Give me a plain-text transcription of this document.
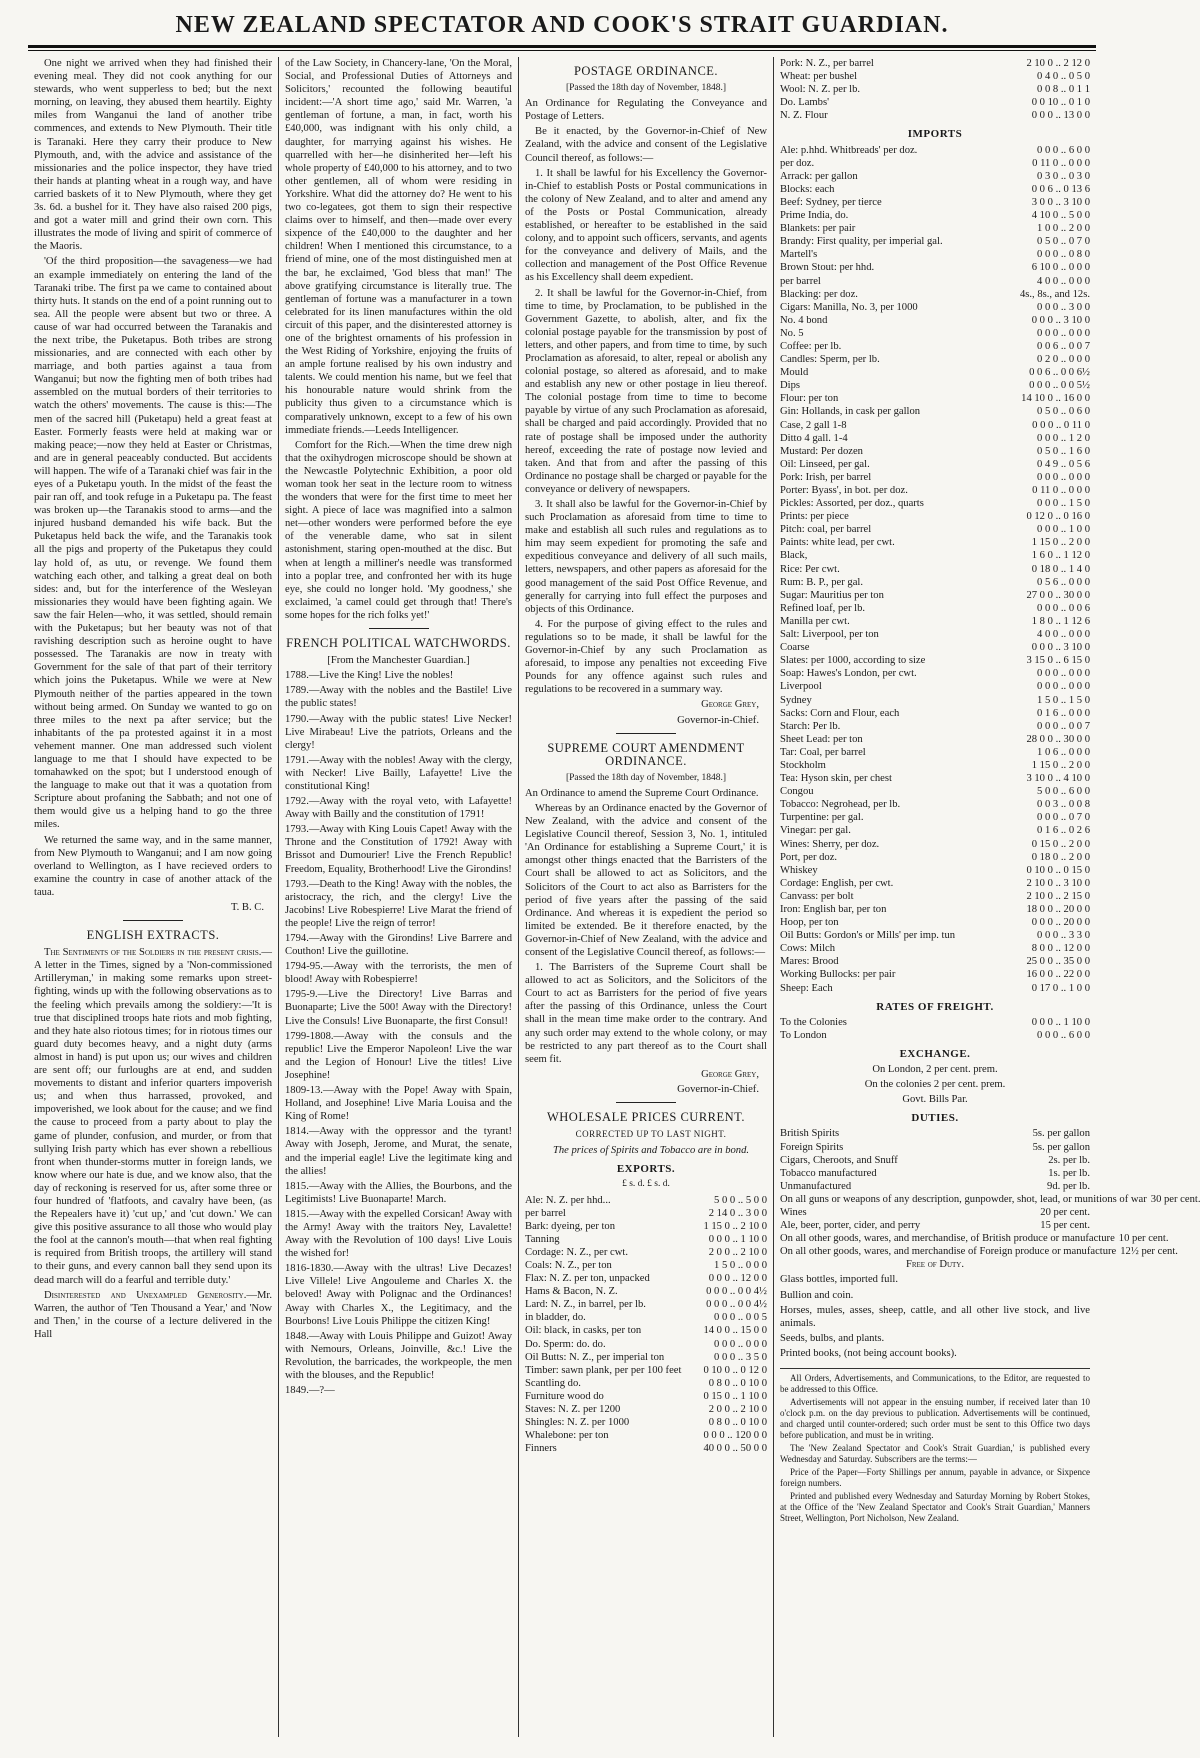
NEW ZEALAND SPECTATOR AND COOK'S STRAIT GUARDIAN.

One night we arrived when they had finished their evening meal. They did not cook anything for our stewards, who went supperless to bed; but the next morning, on leaving, they abused them heartily. Eighty miles from Wanganui the land of another tribe commences, and extends to New Plymouth. Their title is Taranaki. Here they carry their produce to New Plymouth, and, with the advice and assistance of the missionaries and the police inspector, they have tried their hands at planting wheat in a rough way, and have carried baskets of it to New Plymouth, where they get 3s. 6d. a bushel for it. They have also raised 200 pigs, and got a water mill and grind their own corn. This illustrates the mode of living and spirit of commerce of the Maoris.

'Of the third proposition—the savageness—we had an example immediately on entering the land of the Taranaki tribe. The first pa we came to contained about thirty huts. It stands on the end of a point running out to sea. All the people were absent but two or three. A cause of war had occurred between the Taranakis and the next tribe, the Puketapus. Both tribes are strong missionaries, and are connected with each other by marriage, and both parties against a taua from Wanganui; but now the fighting men of both tribes had assembled on the mutual borders of their territories to watch the others' movements. The cause is this:—The men of the sacred hill (Puketapu) held a great feast at Easter. Formerly feasts were held at making war or making peace;—now they held at Easter or Christmas, and are in general peaceably conducted. But accidents will happen. The wife of a Taranaki chief was fair in the eyes of a Puketapu youth. In the midst of the feast the pair ran off, and took refuge in a Puketapu pa. The feast was broken up—the Taranakis stood to arms—and the injured husband demanded his wife back. But the Puketapus held back the wife, and the Taranakis took all the pigs and property of the Puketapus they could lay hold of, as utu, or revenge. We found them watching each other, and talking a great deal on both sides: and, but for the interference of the Wesleyan missionaries they would have been fighting again. We saw the fair Helen—who, it was settled, should remain with the Puketapus; but her beauty was not of that ravishing description such as heroine ought to have possessed. The Taranakis are now in treaty with Government for the sale of that part of their territory which joins the Puketapus. While we were at New Plymouth neither of the parties appeared in the town without being armed. On Sunday we wanted to go on three miles to the next pa after service; but the inhabitants of the pa protested against it in a most vehement manner. One man addressed such violent language to me that I should have expected to be tomahawked on the spot; but I understood enough of the language to make out that it was a quotation from Scripture about profaning the Sabbath; and not one of them would give us a helping hand to go the three miles.

We returned the same way, and in the same manner, from New Plymouth to Wanganui; and I am now going overland to Wellington, as I have recieved orders to examine the country in case of another attack of the taua.

T. B. C.

ENGLISH EXTRACTS.

The Sentiments of the Soldiers in the present crisis.—A letter in the Times, signed by a 'Non-commissioned Artilleryman,' in making some remarks upon street-fighting, winds up with the following observations as to the feeling which prevails among the soldiery:—'It is true that disciplined troops hate riots and mob fighting, and they hate also riotous times; for in riotous times our guard duty becomes heavy, and a night duty (arms almost in hand) is put upon us; our wives and children are sent off; our furloughs are at end, and sudden movements to distant and inferior quarters impoverish us; and when thus harrassed, provoked, and impoverished, we look about for the cause; and we find the cause to proceed from a party about to play the game of plunder, confusion, and murder, or from that sullying Irish party which has ever shown a rebellious front when thunder-storms mutter in foreign lands, we know where our hate is due, and we know also, that the day of reckoning is reserved for us, after some three or four hundred of 'flatfoots, and cavalry have been, (as the Repealers have it) 'cut up,' and 'cut down.' We can give this positive assurance to all those who would play the fool at the cannon's mouth—that when real fighting is required from British troops, the artillery will stand to their guns, and every cannon ball they send upon its dead march will do a fearful and terrible duty.'

Disinterested and Unexampled Generosity.—Mr. Warren, the author of 'Ten Thousand a Year,' and 'Now and Then,' in the course of a lecture delivered in the Hall

of the Law Society, in Chancery-lane, 'On the Moral, Social, and Professional Duties of Attorneys and Solicitors,' recounted the following beautiful incident:—'A short time ago,' said Mr. Warren, 'a gentleman of fortune, a man, in fact, worth his £40,000, was indignant with his only child, a daughter, for marrying against his wishes. He quarrelled with her—he disinherited her—left his whole property of £40,000 to his attorney, and to two other gentlemen, all of whom were residing in Yorkshire. What did the attorney do? He went to his two co-legatees, got them to sign their respective claims over to himself, and then—made over every sixpence of the £40,000 to the daughter and her children! When I mentioned this circumstance, to a friend of mine, one of the most distinguished men at the bar, he exclaimed, 'God bless that man!' The above gratifying circumstance is literally true. The gentleman of fortune was a manufacturer in a town celebrated for its linen manufactures within the old circuit of this paper, and the disinterested attorney is one of the brightest ornaments of his profession in the West Riding of Yorkshire, enjoying the fruits of an ample fortune realised by his own industry and talents. We could mention his name, but we feel that his honourable nature would shrink from the publicity thus given to a circumstance which is comparatively unknown, except to a few of his own immediate friends.—Leeds Intelligencer.

Comfort for the Rich.—When the time drew nigh that the oxihydrogen microscope should be shown at the Newcastle Polytechnic Exhibition, a poor old woman took her seat in the lecture room to witness the wonders that were for the first time to meet her sight. A piece of lace was magnified into a salmon net—other wonders were performed before the eye of the venerable dame, who sat in silent astonishment, staring open-mouthed at the disc. But when at length a milliner's needle was transformed into a poplar tree, and confronted her with its huge eye, she could no longer hold. 'My goodness,' she exclaimed, 'a camel could get through that! There's some hopes for the rich folks yet!'

FRENCH POLITICAL WATCHWORDS.

[From the Manchester Guardian.]

1788.—Live the King! Live the nobles!

1789.—Away with the nobles and the Bastile! Live the public states!

1790.—Away with the public states! Live Necker! Live Mirabeau! Live the patriots, Orleans and the clergy!

1791.—Away with the nobles! Away with the clergy, with Necker! Live Bailly, Lafayette! Live the constitutional King!

1792.—Away with the royal veto, with Lafayette! Away with Bailly and the constitution of 1791!

1793.—Away with King Louis Capet! Away with the Throne and the Constitution of 1792! Away with Brissot and Dumourier! Live the French Republic! Freedom, Equality, Brotherhood! Live the Girondins!

1793.—Death to the King! Away with the nobles, the aristocracy, the rich, and the clergy! Live the Jacobins! Live Robespierre! Live Marat the friend of the people! Live the reign of terror!

1794.—Away with the Girondins! Live Barrere and Couthon! Live the guillotine.

1794-95.—Away with the terrorists, the men of blood! Away with Robespierre!

1795-9.—Live the Directory! Live Barras and Buonaparte; Live the 500! Away with the Directory! Live the Consuls! Live Buonaparte, the first Consul!

1799-1808.—Away with the consuls and the republic! Live the Emperor Napoleon! Live the war and the Legion of Honour! Live the titles! Live Josephine!

1809-13.—Away with the Pope! Away with Spain, Holland, and Josephine! Live Maria Louisa and the King of Rome!

1814.—Away with the oppressor and the tyrant! Away with Joseph, Jerome, and Murat, the senate, and the imperial eagle! Live the legitimate king and the allies!

1815.—Away with the Allies, the Bourbons, and the Legitimists! Live Buonaparte! March.

1815.—Away with the expelled Corsican! Away with the Army! Away with the traitors Ney, Lavalette! Away with the Revolution of 100 days! Live Louis the wished for!

1816-1830.—Away with the ultras! Live Decazes! Live Villele! Live Angouleme and Charles X. the beloved! Away with Polignac and the Ordinances! Away with Charles X., the Legitimacy, and the Bourbons! Live Louis Philippe the citizen King!

1848.—Away with Louis Philippe and Guizot! Away with Nemours, Orleans, Joinville, &c.! Live the Revolution, the barricades, the workpeople, the men with the blouses, and the Republic!

1849.—?—

POSTAGE ORDINANCE.

[Passed the 18th day of November, 1848.]

An Ordinance for Regulating the Conveyance and Postage of Letters.

Be it enacted, by the Governor-in-Chief of New Zealand, with the advice and consent of the Legislative Council thereof, as follows:—

1. It shall be lawful for his Excellency the Governor-in-Chief to establish Posts or Postal communications in the colony of New Zealand, and to alter and amend any of the Posts or Postal Communication, already established, or hereafter to be established in the said colony, and to appoint such officers, servants, and agents for the conveyance and delivery of Mails, and the collection and management of the Post Office Revenue as his Excellency shall deem expedient.

2. It shall be lawful for the Governor-in-Chief, from time to time, by Proclamation, to be published in the Government Gazette, to abolish, alter, and fix the colonial postage payable for the transmission by post of letters, and other papers, and from time to time, by such Proclamation as aforesaid, to alter, repeal or abolish any colonial postage, so altered as aforesaid, and to make and establish any new or other postage in lieu thereof. The colonial postage from time to time to become payable by virtue of any such Proclamation as aforesaid, shall be charged and paid accordingly. Provided that no rate of postage shall be imposed under the authority hereof, exceeding the rate of postage now levied and taken. And that from and after the passing of this Ordinance no postage shall be charged or payable for the conveyance or delivery of newspapers.

3. It shall also be lawful for the Governor-in-Chief by such Proclamation as aforesaid from time to time to make and establish all such rules and regulations as to him may seem expedient for promoting the safe and expeditious conveyance and delivery of all such mails, letters, newspapers, and other papers as aforesaid for the good management of the said Post Office Revenue, and generally for carrying into full effect the purposes and objects of this Ordinance.

4. For the purpose of giving effect to the rules and regulations so to be made, it shall be lawful for the Governor-in-Chief by any such Proclamation as aforesaid, to impose any penalties not exceeding Five Pounds for any offence against such rules and regulations to be recovered in a summary way.

George Grey,

Governor-in-Chief.

SUPREME COURT AMENDMENT ORDINANCE.

[Passed the 18th day of November, 1848.]

An Ordinance to amend the Supreme Court Ordinance.

Whereas by an Ordinance enacted by the Governor of New Zealand, with the advice and consent of the Legislative Council thereof, Session 3, No. 1, intituled 'An Ordinance for establishing a Supreme Court,' it is amongst other things enacted that the Barristers of the Court shall be allowed to act as Solicitors, and the Solicitors of the Court to act also as Barristers for the period of five years after the passing of the said Ordinance. And whereas it is expedient the period so limited be extended. Be it therefore enacted, by the Governor-in-Chief of New Zealand, with the advice and consent of the Legislative Council thereof, as follows:—

1. The Barristers of the Supreme Court shall be allowed to act as Solicitors, and the Solicitors of the Court to act as Barristers for the period of five years after the passing of this Ordinance, unless the Court shall in the mean time make order to the contrary. And any such order may extend to the whole colony, or may be restricted to any part thereof as to the Court shall seem fit.

George Grey,

Governor-in-Chief.

WHOLESALE PRICES CURRENT.

CORRECTED UP TO LAST NIGHT.

The prices of Spirits and Tobacco are in bond.

EXPORTS.

£ s. d. £ s. d.

Ale: N. Z. per hhd...	5 0 0 .. 5 0 0
per barrel	2 14 0 .. 3 0 0
Bark: dyeing, per ton	1 15 0 .. 2 10 0
Tanning	0 0 0 .. 1 10 0
Cordage: N. Z., per cwt.	2 0 0 .. 2 10 0
Coals: N. Z., per ton	1 5 0 .. 0 0 0
Flax: N. Z. per ton, unpacked	0 0 0 .. 12 0 0
Hams & Bacon, N. Z.	0 0 0 .. 0 0 4½
Lard: N. Z., in barrel, per lb.	0 0 0 .. 0 0 4½
in bladder, do.	0 0 0 .. 0 0 5
Oil: black, in casks, per ton	14 0 0 .. 15 0 0
Do. Sperm: do. do.	0 0 0 .. 0 0 0
Oil Butts: N. Z., per imperial ton	0 0 0 .. 3 5 0
Timber: sawn plank, per per 100 feet 0 10 0 .. 0 12 0
Scantling do.	0 8 0 .. 0 10 0
Furniture wood do	0 15 0 .. 1 10 0
Staves: N. Z. per 1200	2 0 0 .. 2 10 0
Shingles: N. Z. per 1000	0 8 0 .. 0 10 0
Whalebone: per ton	0 0 0 .. 120 0 0
Finners	40 0 0 .. 50 0 0
Pork: N. Z., per barrel	2 10 0 .. 2 12 0
Wheat: per bushel	0 4 0 .. 0 5 0
Wool: N. Z. per lb.	0 0 8 .. 0 1 1
Do. Lambs'	0 0 10 .. 0 1 0
N. Z. Flour	0 0 0 .. 13 0 0
IMPORTS
Ale: p.hhd. Whitbreads' per doz.	0 0 0 .. 6 0 0
per doz.	0 11 0 .. 0 0 0
Arrack: per gallon	0 3 0 .. 0 3 0
Blocks: each	0 0 6 .. 0 13 6
Beef: Sydney, per tierce	3 0 0 .. 3 10 0
Prime India, do.	4 10 0 .. 5 0 0
Blankets: per pair	1 0 0 .. 2 0 0
Brandy: First quality, per imperial gal.	0 5 0 .. 0 7 0
Martell's	0 0 0 .. 0 8 0
Brown Stout: per hhd.	6 10 0 .. 0 0 0
per barrel	4 0 0 .. 0 0 0
Blacking: per doz.	4s., 8s., and 12s.
Cigars: Manilla, No. 3, per 1000	0 0 0 .. 3 0 0
No. 4 bond	0 0 0 .. 3 10 0
No. 5	0 0 0 .. 0 0 0
Coffee: per lb.	0 0 6 .. 0 0 7
Candles: Sperm, per lb.	0 2 0 .. 0 0 0
Mould	0 0 6 .. 0 0 6½
Dips	0 0 0 .. 0 0 5½
Flour: per ton	14 10 0 .. 16 0 0
Gin: Hollands, in cask per gallon	0 5 0 .. 0 6 0
Case, 2 gall 1-8	0 0 0 .. 0 11 0
Ditto 4 gall. 1-4	0 0 0 .. 1 2 0
Mustard: Per dozen	0 5 0 .. 1 6 0
Oil: Linseed, per gal.	0 4 9 .. 0 5 6
Pork: Irish, per barrel	0 0 0 .. 0 0 0
Porter: Byass', in bot. per doz.	0 11 0 .. 0 0 0
Pickles: Assorted, per doz., quarts	0 0 0 .. 1 5 0
Prints: per piece	0 12 0 .. 0 16 0
Pitch: coal, per barrel	0 0 0 .. 1 0 0
Paints: white lead, per cwt.	1 15 0 .. 2 0 0
Black,	1 6 0 .. 1 12 0
Rice: Per cwt.	0 18 0 .. 1 4 0
Rum: B. P., per gal.	0 5 6 .. 0 0 0
Sugar: Mauritius per ton	27 0 0 .. 30 0 0
Refined loaf, per lb.	0 0 0 .. 0 0 6
Manilla per cwt.	1 8 0 .. 1 12 6
Salt: Liverpool, per ton	4 0 0 .. 0 0 0
Coarse	0 0 0 .. 3 10 0
Slates: per 1000, according to size	3 15 0 .. 6 15 0
Soap: Hawes's London, per cwt.	0 0 0 .. 0 0 0
Liverpool	0 0 0 .. 0 0 0
Sydney	1 5 0 .. 1 5 0
Sacks: Corn and Flour, each	0 1 6 .. 0 0 0
Starch: Per lb.	0 0 0 .. 0 0 7
Sheet Lead: per ton	28 0 0 .. 30 0 0
Tar: Coal, per barrel	1 0 6 .. 0 0 0
Stockholm	1 15 0 .. 2 0 0
Tea: Hyson skin, per chest	3 10 0 .. 4 10 0
Congou	5 0 0 .. 6 0 0
Tobacco: Negrohead, per lb.	0 0 3 .. 0 0 8
Turpentine: per gal.	0 0 0 .. 0 7 0
Vinegar: per gal.	0 1 6 .. 0 2 6
Wines: Sherry, per doz.	0 15 0 .. 2 0 0
Port, per doz.	0 18 0 .. 2 0 0
Whiskey	0 10 0 .. 0 15 0
Cordage: English, per cwt.	2 10 0 .. 3 10 0
Canvass: per bolt	2 10 0 .. 2 15 0
Iron: English bar, per ton	18 0 0 .. 20 0 0
Hoop, per ton	0 0 0 .. 20 0 0
Oil Butts: Gordon's or Mills' per imp. tun	0 0 0 .. 3 3 0
Cows: Milch	8 0 0 .. 12 0 0
Mares: Brood	25 0 0 .. 35 0 0
Working Bullocks: per pair	16 0 0 .. 22 0 0
Sheep: Each	0 17 0 .. 1 0 0
RATES OF FREIGHT.
To the Colonies	0 0 0 .. 1 10 0
To London	0 0 0 .. 6 0 0
EXCHANGE.

On London, 2 per cent. prem.

On the colonies 2 per cent. prem.

Govt. Bills Par.

DUTIES.
British Spirits	5s. per gallon
Foreign Spirits	5s. per gallon
Cigars, Cheroots, and Snuff	2s. per lb.
Tobacco manufactured	1s. per lb.
Unmanufactured	9d. per lb.
On all guns or weapons of any description, gunpowder, shot, lead, or munitions of war 30 per cent.
Wines	20 per cent.
Ale, beer, porter, cider, and perry	15 per cent.
On all other goods, wares, and merchandise, of British produce or manufacture 10 per cent.
On all other goods, wares, and merchandise of Foreign produce or manufacture 12½ per cent.

Free of Duty.

Glass bottles, imported full.

Bullion and coin.

Horses, mules, asses, sheep, cattle, and all other live stock, and live animals.

Seeds, bulbs, and plants.

Printed books, (not being account books).

All Orders, Advertisements, and Communications, to the Editor, are requested to be addressed to this Office.

Advertisements will not appear in the ensuing number, if received later than 10 o'clock p.m. on the day previous to publication. Advertisements will be continued, and charged until counter-ordered; such order must be sent to this Office two days before publication, and must be in writing.

The 'New Zealand Spectator and Cook's Strait Guardian,' is published every Wednesday and Saturday. Subscribers are the terms:—

Price of the Paper—Forty Shillings per annum, payable in advance, or Sixpence foreign numbers.

Printed and published every Wednesday and Saturday Morning by Robert Stokes, at the Office of the 'New Zealand Spectator and Cook's Strait Guardian,' Manners Street, Wellington, Port Nicholson, New Zealand.
